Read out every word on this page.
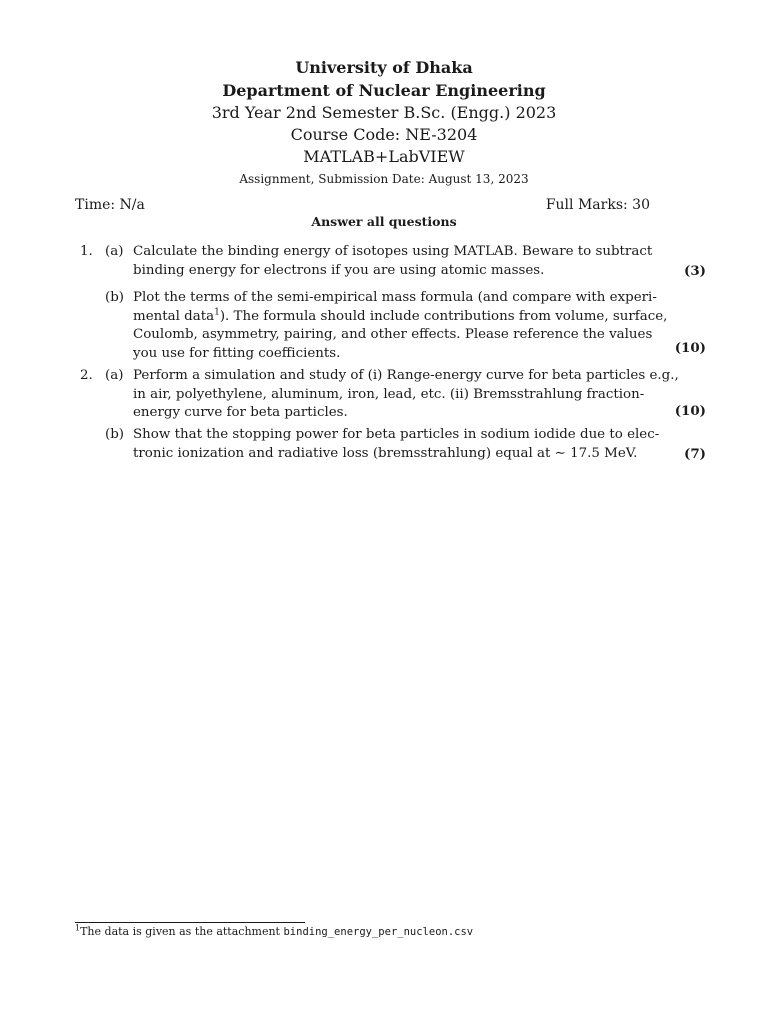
University of Dhaka
Department of Nuclear Engineering
3rd Year 2nd Semester B.Sc. (Engg.) 2023
Course Code: NE-3204
MATLAB+LabVIEW
Assignment, Submission Date: August 13, 2023
Time: N/a	Full Marks: 30
Answer all questions
1. (a) Calculate the binding energy of isotopes using MATLAB. Beware to subtract
binding energy for electrons if you are using atomic masses.	(3)
(b) Plot the terms of the semi-empirical mass formula (and compare with experi-
mental data$^1$). The formula should include contributions from volume, surface,
Coulomb, asymmetry, pairing, and other effects. Please reference the values
you use for fitting coefficients.	(10)
2. (a) Perform a simulation and study of (i) Range-energy curve for beta particles e.g.,
in air, polyethylene, aluminum, iron, lead, etc. (ii) Bremsstrahlung fraction-
energy curve for beta particles.	(10)
(b) Show that the stopping power for beta particles in sodium iodide due to elec-
tronic ionization and radiative loss (bremsstrahlung) equal at ∼ 17.5 MeV.	(7)
$^1$The data is given as the attachment binding_energy_per_nucleon.csv
